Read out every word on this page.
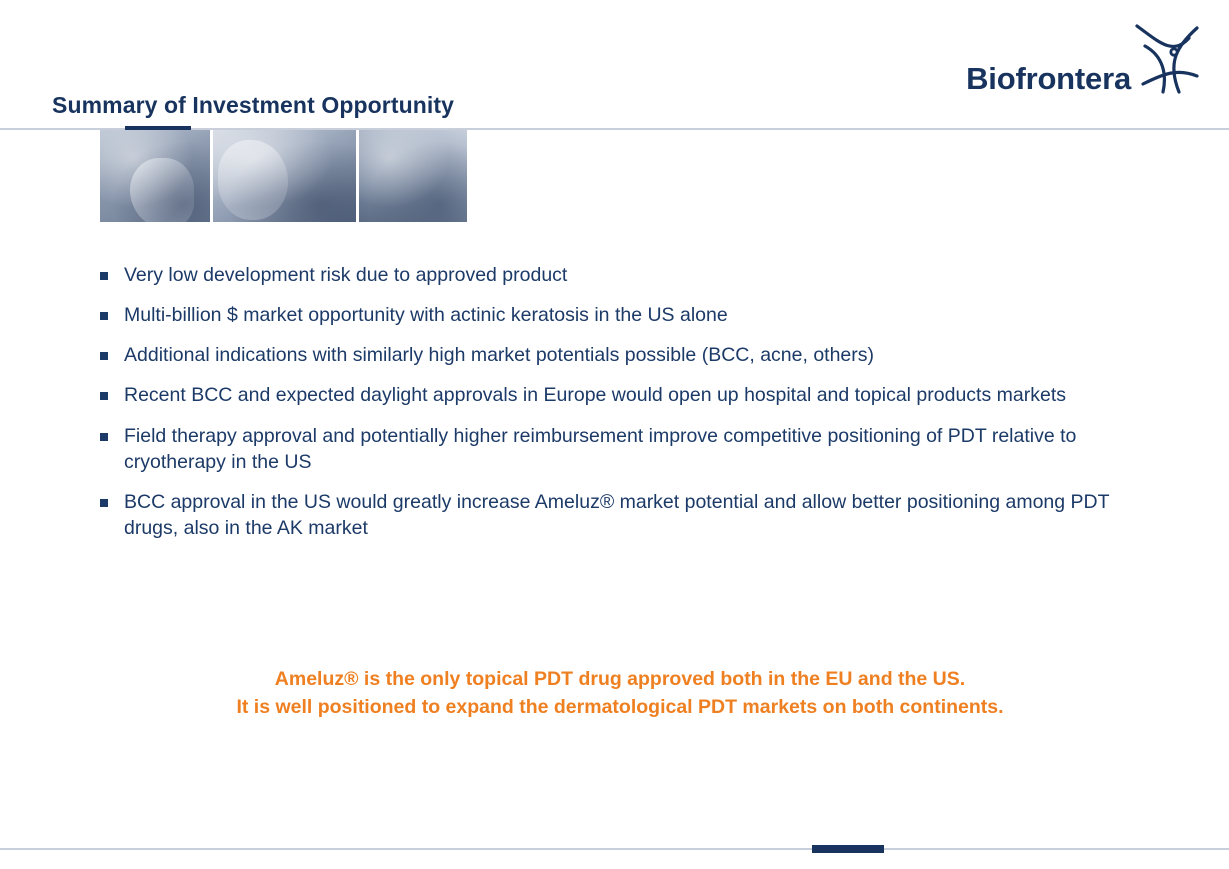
Biofrontera
Summary of Investment Opportunity
Very low development risk due to approved product
Multi-billion $ market opportunity with actinic keratosis in the US alone
Additional indications with similarly high market potentials possible (BCC, acne, others)
Recent BCC and expected daylight approvals in Europe would open up hospital and topical products markets
Field therapy approval and potentially higher reimbursement improve competitive positioning of PDT relative to cryotherapy in the US
BCC approval in the US would greatly increase Ameluz® market potential and allow better positioning among PDT drugs, also in the AK market
Ameluz® is the only topical PDT drug approved both in the EU and the US.
It is well positioned to expand the dermatological PDT markets on both continents.
